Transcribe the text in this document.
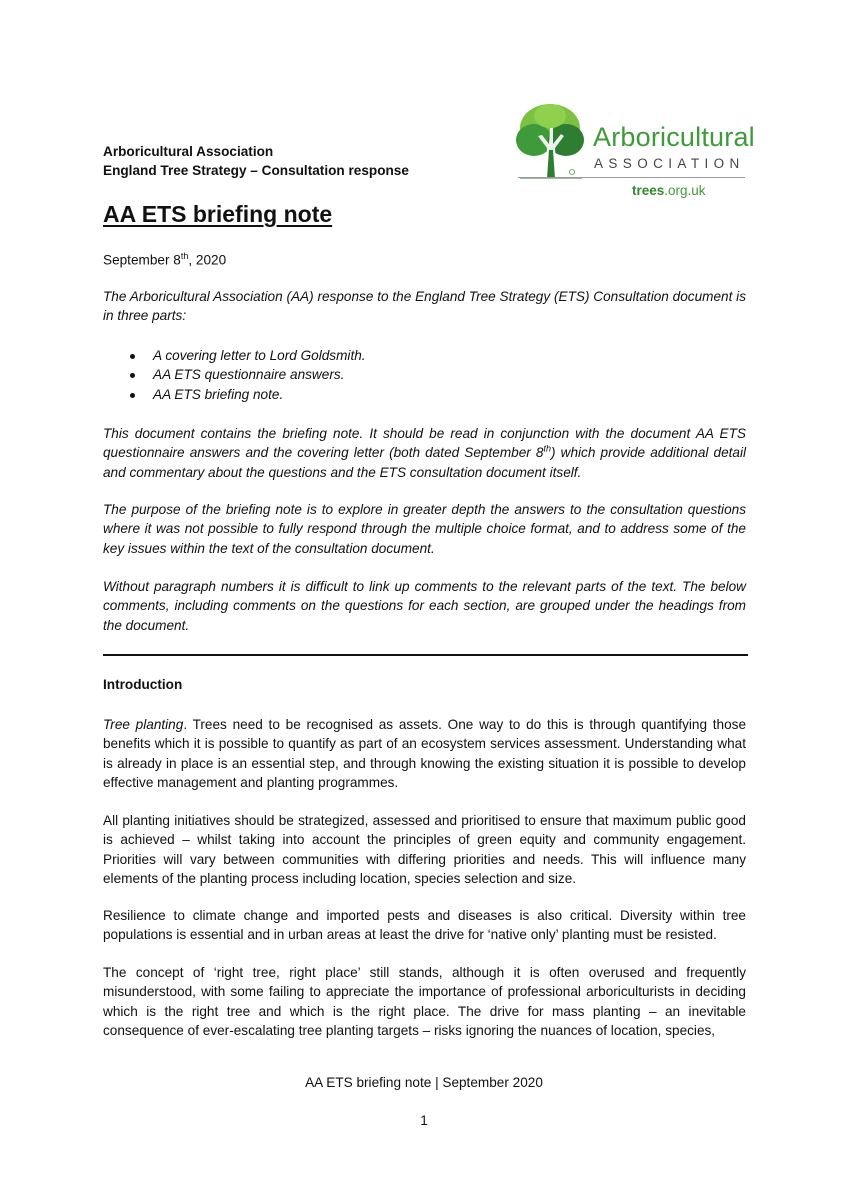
Arboricultural Association
England Tree Strategy – Consultation response
Arboricultural
ASSOCIATION
trees.org.uk
AA ETS briefing note
September 8th, 2020

The Arboricultural Association (AA) response to the England Tree Strategy (ETS) Consultation document is in three parts:

A covering letter to Lord Goldsmith.
AA ETS questionnaire answers.
AA ETS briefing note.

This document contains the briefing note. It should be read in conjunction with the document AA ETS questionnaire answers and the covering letter (both dated September 8th) which provide additional detail and commentary about the questions and the ETS consultation document itself.

The purpose of the briefing note is to explore in greater depth the answers to the consultation questions where it was not possible to fully respond through the multiple choice format, and to address some of the key issues within the text of the consultation document.

Without paragraph numbers it is difficult to link up comments to the relevant parts of the text. The below comments, including comments on the questions for each section, are grouped under the headings from the document.

Introduction

Tree planting. Trees need to be recognised as assets. One way to do this is through quantifying those benefits which it is possible to quantify as part of an ecosystem services assessment. Understanding what is already in place is an essential step, and through knowing the existing situation it is possible to develop effective management and planting programmes.

All planting initiatives should be strategized, assessed and prioritised to ensure that maximum public good is achieved – whilst taking into account the principles of green equity and community engagement. Priorities will vary between communities with differing priorities and needs. This will influence many elements of the planting process including location, species selection and size.

Resilience to climate change and imported pests and diseases is also critical. Diversity within tree populations is essential and in urban areas at least the drive for ‘native only’ planting must be resisted.

The concept of ‘right tree, right place’ still stands, although it is often overused and frequently misunderstood, with some failing to appreciate the importance of professional arboriculturists in deciding which is the right tree and which is the right place. The drive for mass planting – an inevitable consequence of ever-escalating tree planting targets – risks ignoring the nuances of location, species,

AA ETS briefing note | September 2020
1
